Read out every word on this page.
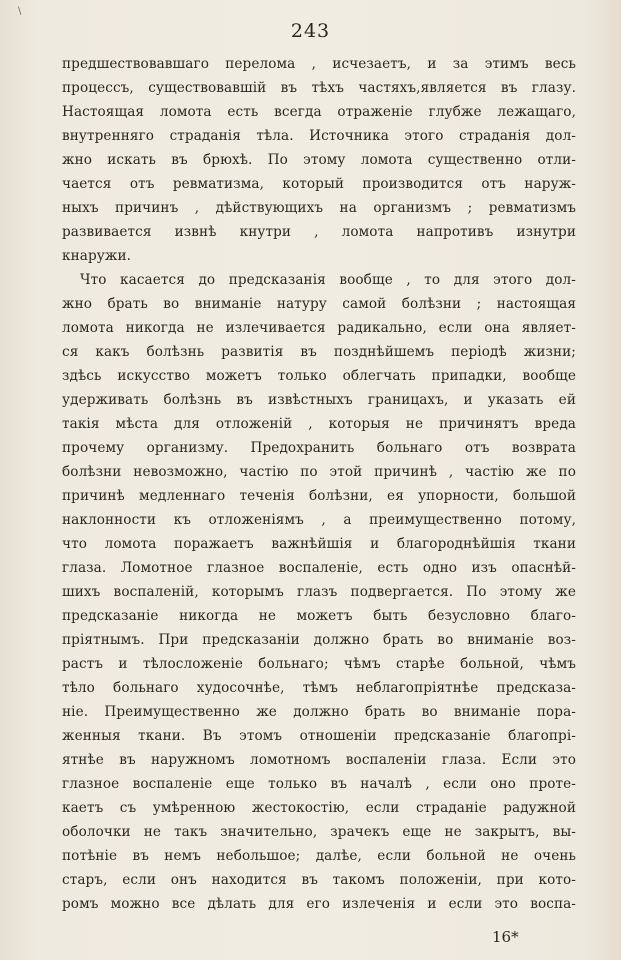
\
243
предшествовавшаго перелома , исчезаетъ, и за этимъ весь
процессъ, существовавшій въ тѣхъ частяхъ,является въ глазу.
Настоящая ломота есть всегда отраженіе глубже лежащаго,
внутренняго страданія тѣла. Источника этого страданія дол-
жно искать въ брюхѣ. По этому ломота существенно отли-
чается отъ ревматизма, который производится отъ наруж-
ныхъ причинъ , дѣйствующихъ на организмъ ; ревматизмъ
развивается извнѣ кнутри , ломота напротивъ изнутри
кнаружи.
Что касается до предсказанія вообще , то для этого дол-
жно брать во вниманіе натуру самой болѣзни ; настоящая
ломота никогда не излечивается радикально, если она являет-
ся какъ болѣзнь развитія въ позднѣйшемъ періодѣ жизни;
здѣсь искусство можетъ только облегчать припадки, вообще
удерживать болѣзнь въ извѣстныхъ границахъ, и указать ей
такія мѣста для отложеній , которыя не причинятъ вреда
прочему организму. Предохранить больнаго отъ возврата
болѣзни невозможно, частію по этой причинѣ , частію же по
причинѣ медленнаго теченія болѣзни, ея упорности, большой
наклонности къ отложеніямъ , а преимущественно потому,
что ломота поражаетъ важнѣйшія и благороднѣйшія ткани
глаза. Ломотное глазное воспаленіе, есть одно изъ опаснѣй-
шихъ воспаленій, которымъ глазъ подвергается. По этому же
предсказаніе никогда не можетъ быть безусловно благо-
пріятнымъ. При предсказаніи должно брать во вниманіе воз-
растъ и тѣлосложеніе больнаго; чѣмъ старѣе больной, чѣмъ
тѣло больнаго худосочнѣе, тѣмъ неблагопріятнѣе предсказа-
ніе. Преимущественно же должно брать во вниманіе пора-
женныя ткани. Въ этомъ отношеніи предсказаніе благопрі-
ятнѣе въ наружномъ ломотномъ воспаленіи глаза. Если это
глазное воспаленіе еще только въ началѣ , если оно проте-
каетъ съ умѣренною жестокостію, если страданіе радужной
оболочки не такъ значительно, зрачекъ еще не закрытъ, вы-
потѣніе въ немъ небольшое; далѣе, если больной не очень
старъ, если онъ находится въ такомъ положеніи, при кото-
ромъ можно все дѣлать для его излеченія и если это воспа-
16*
